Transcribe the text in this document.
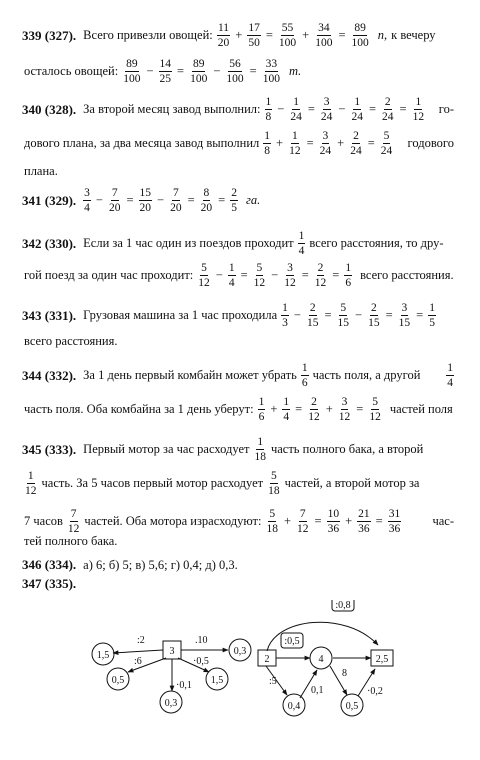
339 (327). Всего привезли овощей:
11
20
+ $\frac{17}{50} = \frac{55}{100} + \frac{34}{100} = \frac{89}{100} п$, к вечеру
осталось овощей:
89
100
− $\frac{14}{25} = \frac{89}{100} - \frac{56}{100} = \frac{33}{100} т$.
340 (328). За второй месяц завод выполнил:
1
8
− $\frac{1}{24} = \frac{3}{24} - \frac{1}{24} = \frac{2}{24} = \frac{1}{12} го-$
дового плана, за два месяца завод выполнил
1
8
+ $\frac{1}{12} = \frac{3}{24} + \frac{2}{24} = \frac{5}{24}$ годового
плана.
341 (329). 3
4
− $\frac{7}{20} = \frac{15}{20} - \frac{7}{20} = \frac{8}{20} = \frac{2}{5}$ га.
342 (330). Если за 1 час один из поездов проходит
1
4
всего расстояния, то дру-
гой поезд за один час проходит:
5
12
− $\frac{1}{4} = \frac{5}{12} - \frac{3}{12} = \frac{2}{12} = \frac{1}{6}$ всего расстояния.
343 (331). Грузовая машина за 1 час проходила
1
3
− $\frac{2}{15} = \frac{5}{15} - \frac{2}{15} = \frac{3}{15} = \frac{1}{5}$
всего расстояния.
344 (332). За 1 день первый комбайн может убрать
1
6
часть поля, а другой
1
4
часть поля. Оба комбайна за 1 день уберут:
1
6
+ $\frac{1}{4} = \frac{2}{12} + \frac{3}{12} = \frac{5}{12}$ частей поля
345 (333). Первый мотор за час расходует
1
18
часть полного бака, а второй
1
12
часть. За 5 часов первый мотор расходует
5
18
частей, а второй мотор за
7 часов
7
12
частей. Оба мотора израсходуют:
5
18
+ $\frac{7}{12} = \frac{10}{36} + \frac{21}{36} = \frac{31}{36} час-$
тей полного бака.
346 (334). а) 6; б) 5; в) 5,6; г) 0,4; д) 0,3.
347 (335).
3
1,5	0,3
0,5	1,5
0,3
:2	.10
:6	·0,5
·0,1
:0,8
:0,5
2	4	2,5
0,4	0,5
:5
0,1
8
·0,2
